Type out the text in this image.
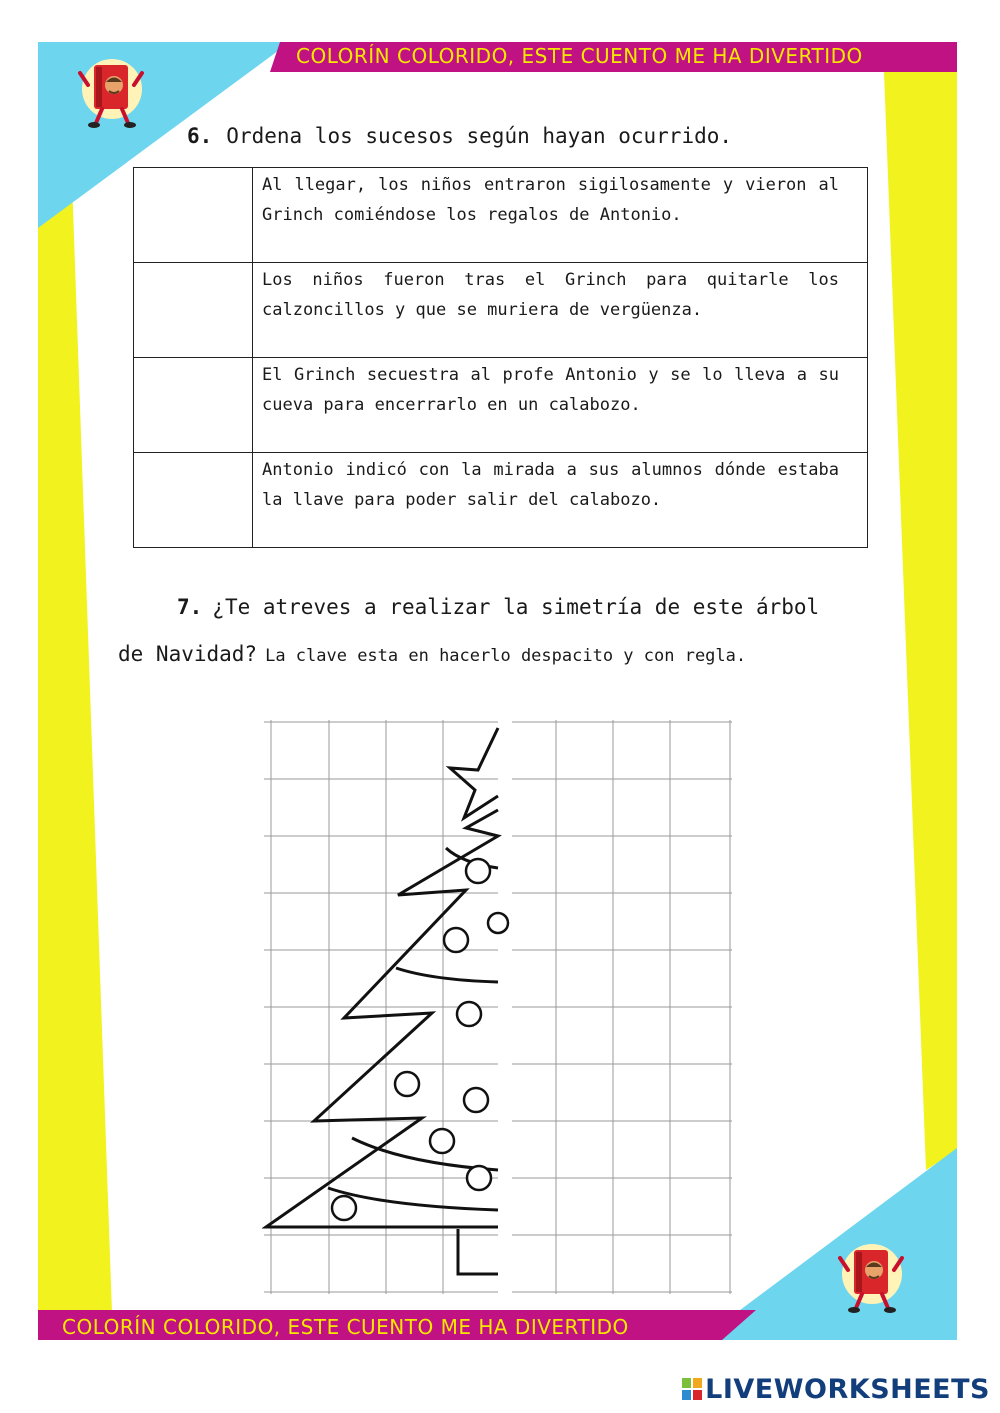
COLORÍN COLORIDO, ESTE CUENTO ME HA DIVERTIDO
COLORÍN COLORIDO, ESTE CUENTO ME HA DIVERTIDO
6. Ordena los sucesos según hayan ocurrido.
	Al llegar, los niños entraron sigilosamente y vieron al Grinch comiéndose los regalos de Antonio.
	Los niños fueron tras el Grinch para quitarle los calzoncillos y que se muriera de vergüenza.
	El Grinch secuestra al profe Antonio y se lo lleva a su cueva para encerrarlo en un calabozo.
	Antonio indicó con la mirada a sus alumnos dónde estaba la llave para poder salir del calabozo.
7. ¿Te atreves a realizar la simetría de este árbol
de Navidad? La clave esta en hacerlo despacito y con regla.
LIVEWORKSHEETS
